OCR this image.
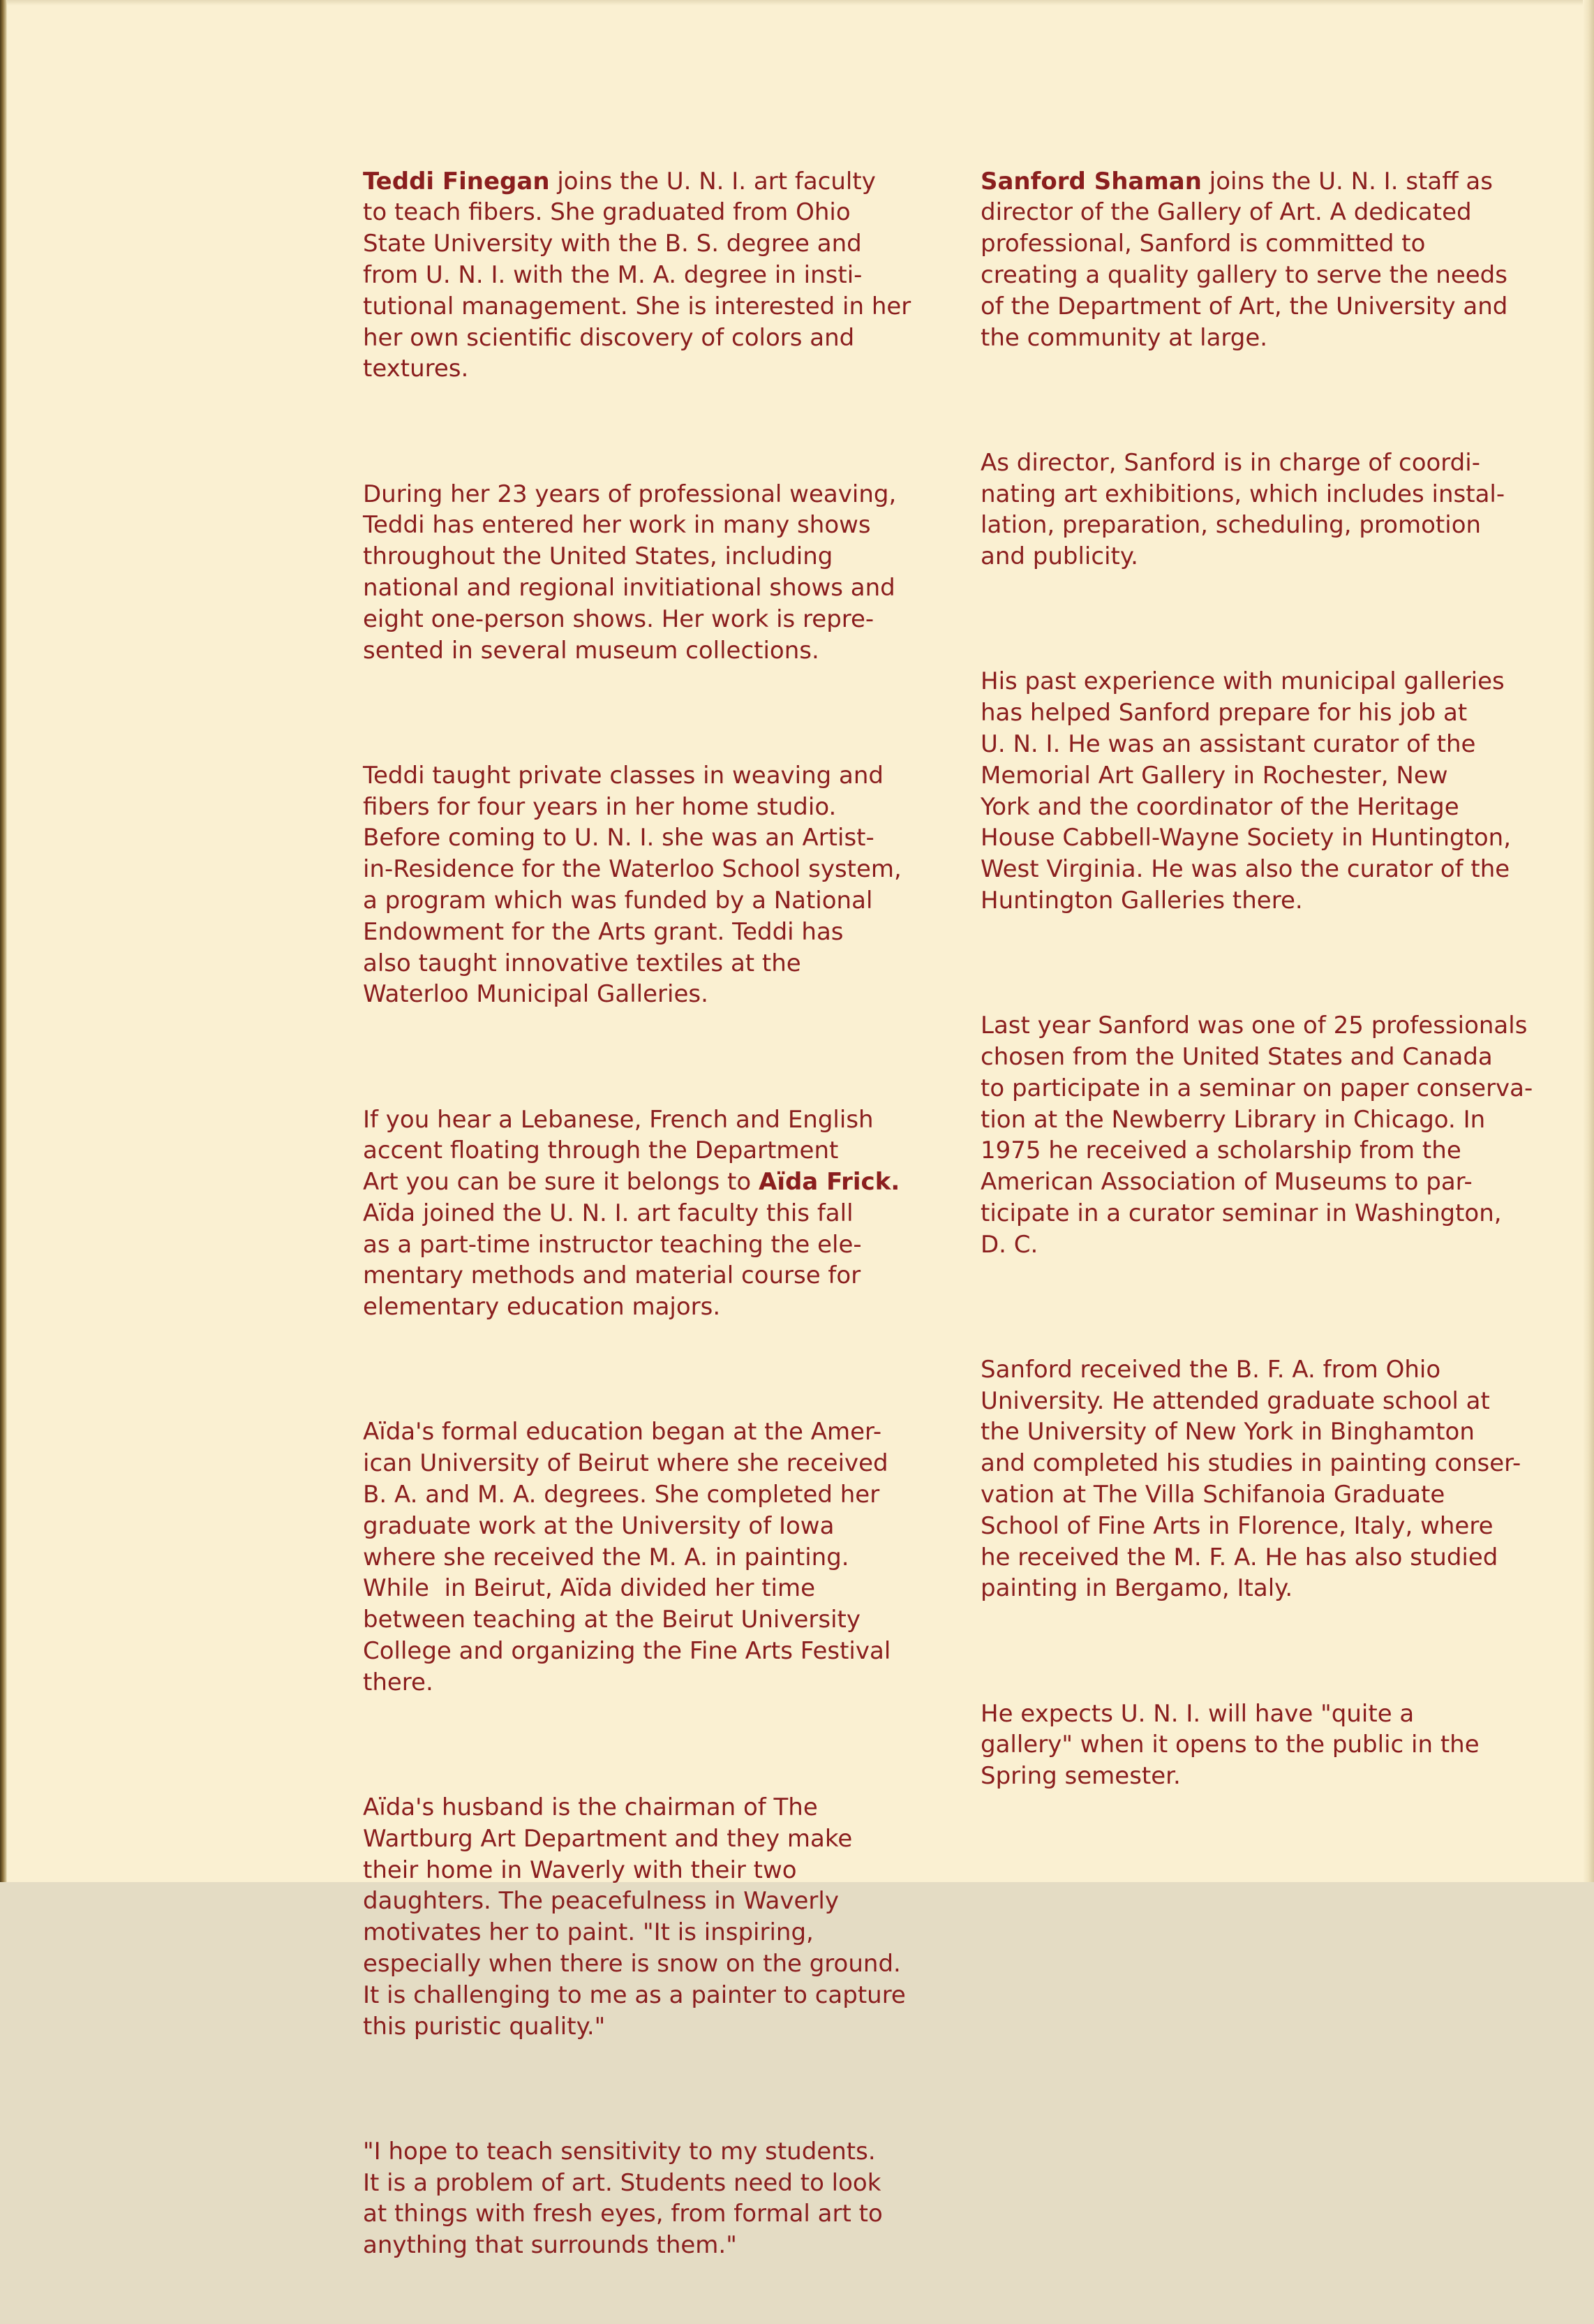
Teddi Finegan joins the U. N. I. art faculty
to teach fibers. She graduated from Ohio
State University with the B. S. degree and
from U. N. I. with the M. A. degree in insti-
tutional management. She is interested in her
her own scientific discovery of colors and
textures.

During her 23 years of professional weaving,
Teddi has entered her work in many shows
throughout the United States, including
national and regional invitiational shows and
eight one-person shows. Her work is repre-
sented in several museum collections.

Teddi taught private classes in weaving and
fibers for four years in her home studio.
Before coming to U. N. I. she was an Artist-
in-Residence for the Waterloo School system,
a program which was funded by a National
Endowment for the Arts grant. Teddi has
also taught innovative textiles at the
Waterloo Municipal Galleries.

If you hear a Lebanese, French and English
accent floating through the Department
Art you can be sure it belongs to Aïda Frick.
Aïda joined the U. N. I. art faculty this fall
as a part-time instructor teaching the ele-
mentary methods and material course for
elementary education majors.

Aïda's formal education began at the Amer-
ican University of Beirut where she received
B. A. and M. A. degrees. She completed her
graduate work at the University of Iowa
where she received the M. A. in painting.
While  in Beirut, Aïda divided her time
between teaching at the Beirut University
College and organizing the Fine Arts Festival
there.

Aïda's husband is the chairman of The
Wartburg Art Department and they make
their home in Waverly with their two
daughters. The peacefulness in Waverly
motivates her to paint. "It is inspiring,
especially when there is snow on the ground.
It is challenging to me as a painter to capture
this puristic quality."

"I hope to teach sensitivity to my students.
It is a problem of art. Students need to look
at things with fresh eyes, from formal art to
anything that surrounds them."

Sanford Shaman joins the U. N. I. staff as
director of the Gallery of Art. A dedicated
professional, Sanford is committed to
creating a quality gallery to serve the needs
of the Department of Art, the University and
the community at large.

As director, Sanford is in charge of coordi-
nating art exhibitions, which includes instal-
lation, preparation, scheduling, promotion
and publicity.

His past experience with municipal galleries
has helped Sanford prepare for his job at
U. N. I. He was an assistant curator of the
Memorial Art Gallery in Rochester, New
York and the coordinator of the Heritage
House Cabbell-Wayne Society in Huntington,
West Virginia. He was also the curator of the
Huntington Galleries there.

Last year Sanford was one of 25 professionals
chosen from the United States and Canada
to participate in a seminar on paper conserva-
tion at the Newberry Library in Chicago. In
1975 he received a scholarship from the
American Association of Museums to par-
ticipate in a curator seminar in Washington,
D. C.

Sanford received the B. F. A. from Ohio
University. He attended graduate school at
the University of New York in Binghamton
and completed his studies in painting conser-
vation at The Villa Schifanoia Graduate
School of Fine Arts in Florence, Italy, where
he received the M. F. A. He has also studied
painting in Bergamo, Italy.

He expects U. N. I. will have "quite a
gallery" when it opens to the public in the
Spring semester.
